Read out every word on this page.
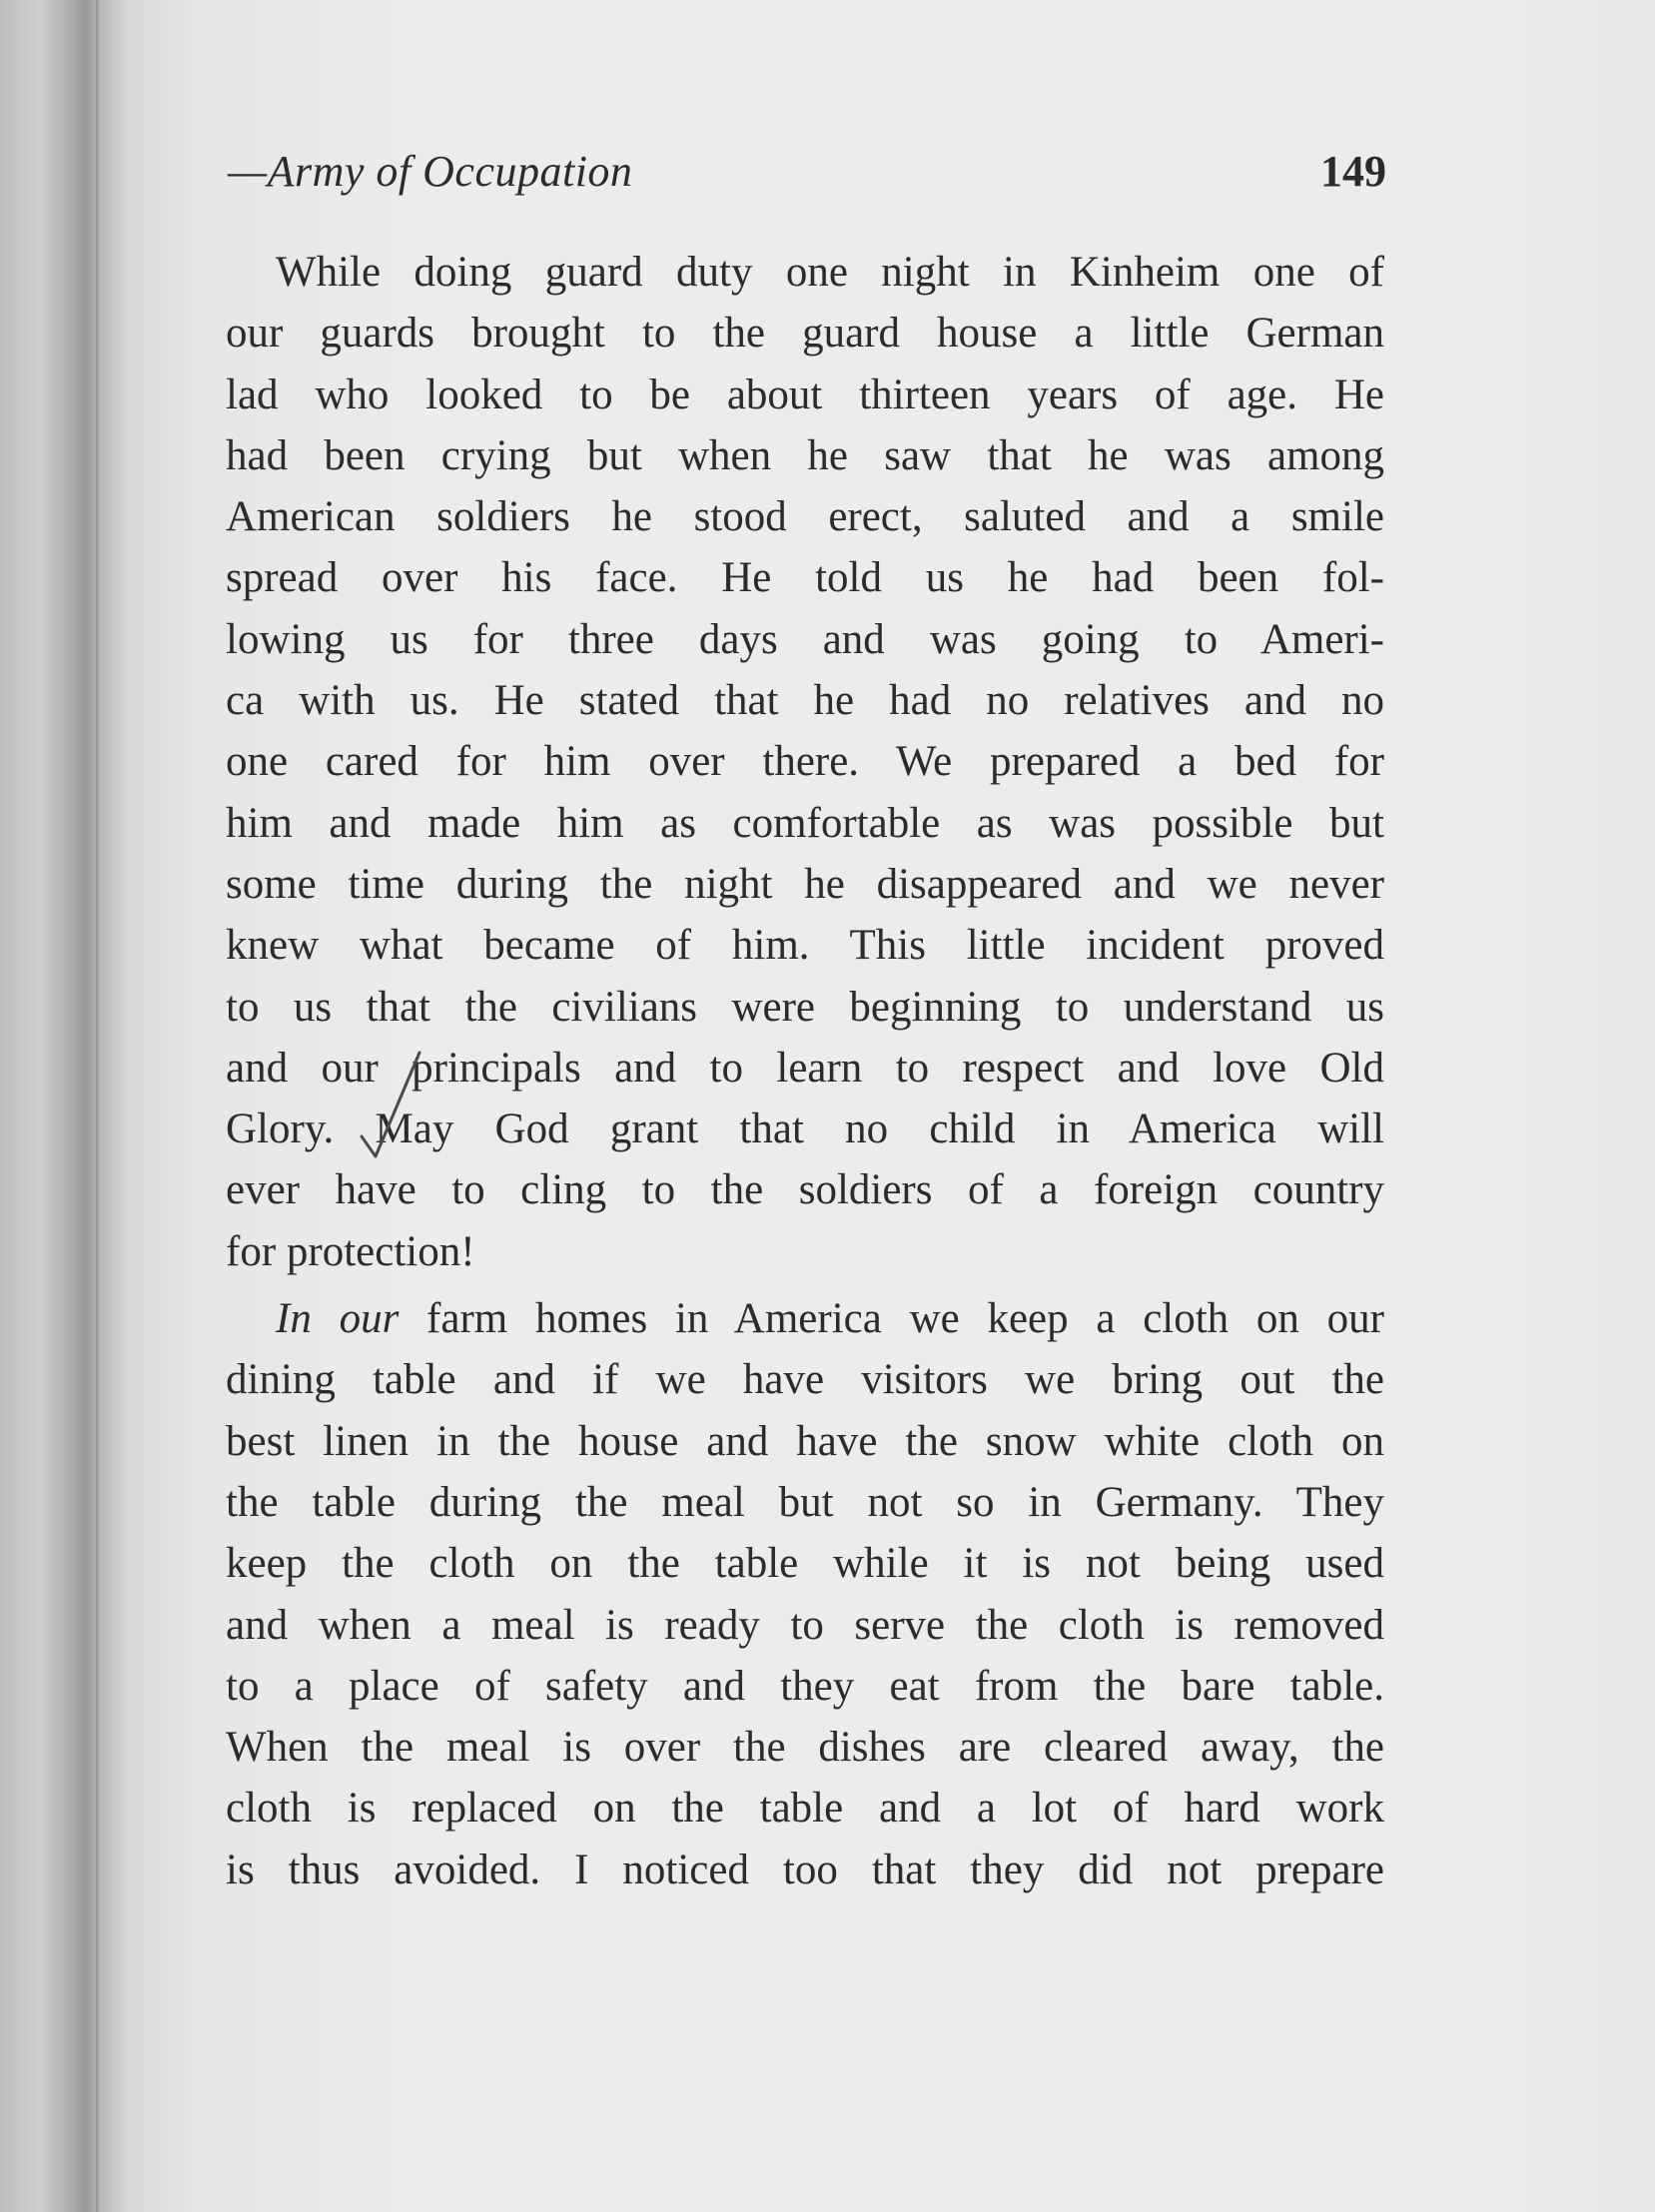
—Army of Occupation	149
While doing guard duty one night in Kinheim one of
our guards brought to the guard house a little German
lad who looked to be about thirteen years of age. He
had been crying but when he saw that he was among
American soldiers he stood erect, saluted and a smile
spread over his face. He told us he had been fol-
lowing us for three days and was going to Ameri-
ca with us. He stated that he had no relatives and no
one cared for him over there. We prepared a bed for
him and made him as comfortable as was possible but
some time during the night he disappeared and we never
knew what became of him. This little incident proved
to us that the civilians were beginning to understand us
and our principals and to learn to respect and love Old
Glory. May God grant that no child in America will
ever have to cling to the soldiers of a foreign country
for protection!
In our farm homes in America we keep a cloth on our
dining table and if we have visitors we bring out the
best linen in the house and have the snow white cloth on
the table during the meal but not so in Germany. They
keep the cloth on the table while it is not being used
and when a meal is ready to serve the cloth is removed
to a place of safety and they eat from the bare table.
When the meal is over the dishes are cleared away, the
cloth is replaced on the table and a lot of hard work
is thus avoided. I noticed too that they did not prepare
